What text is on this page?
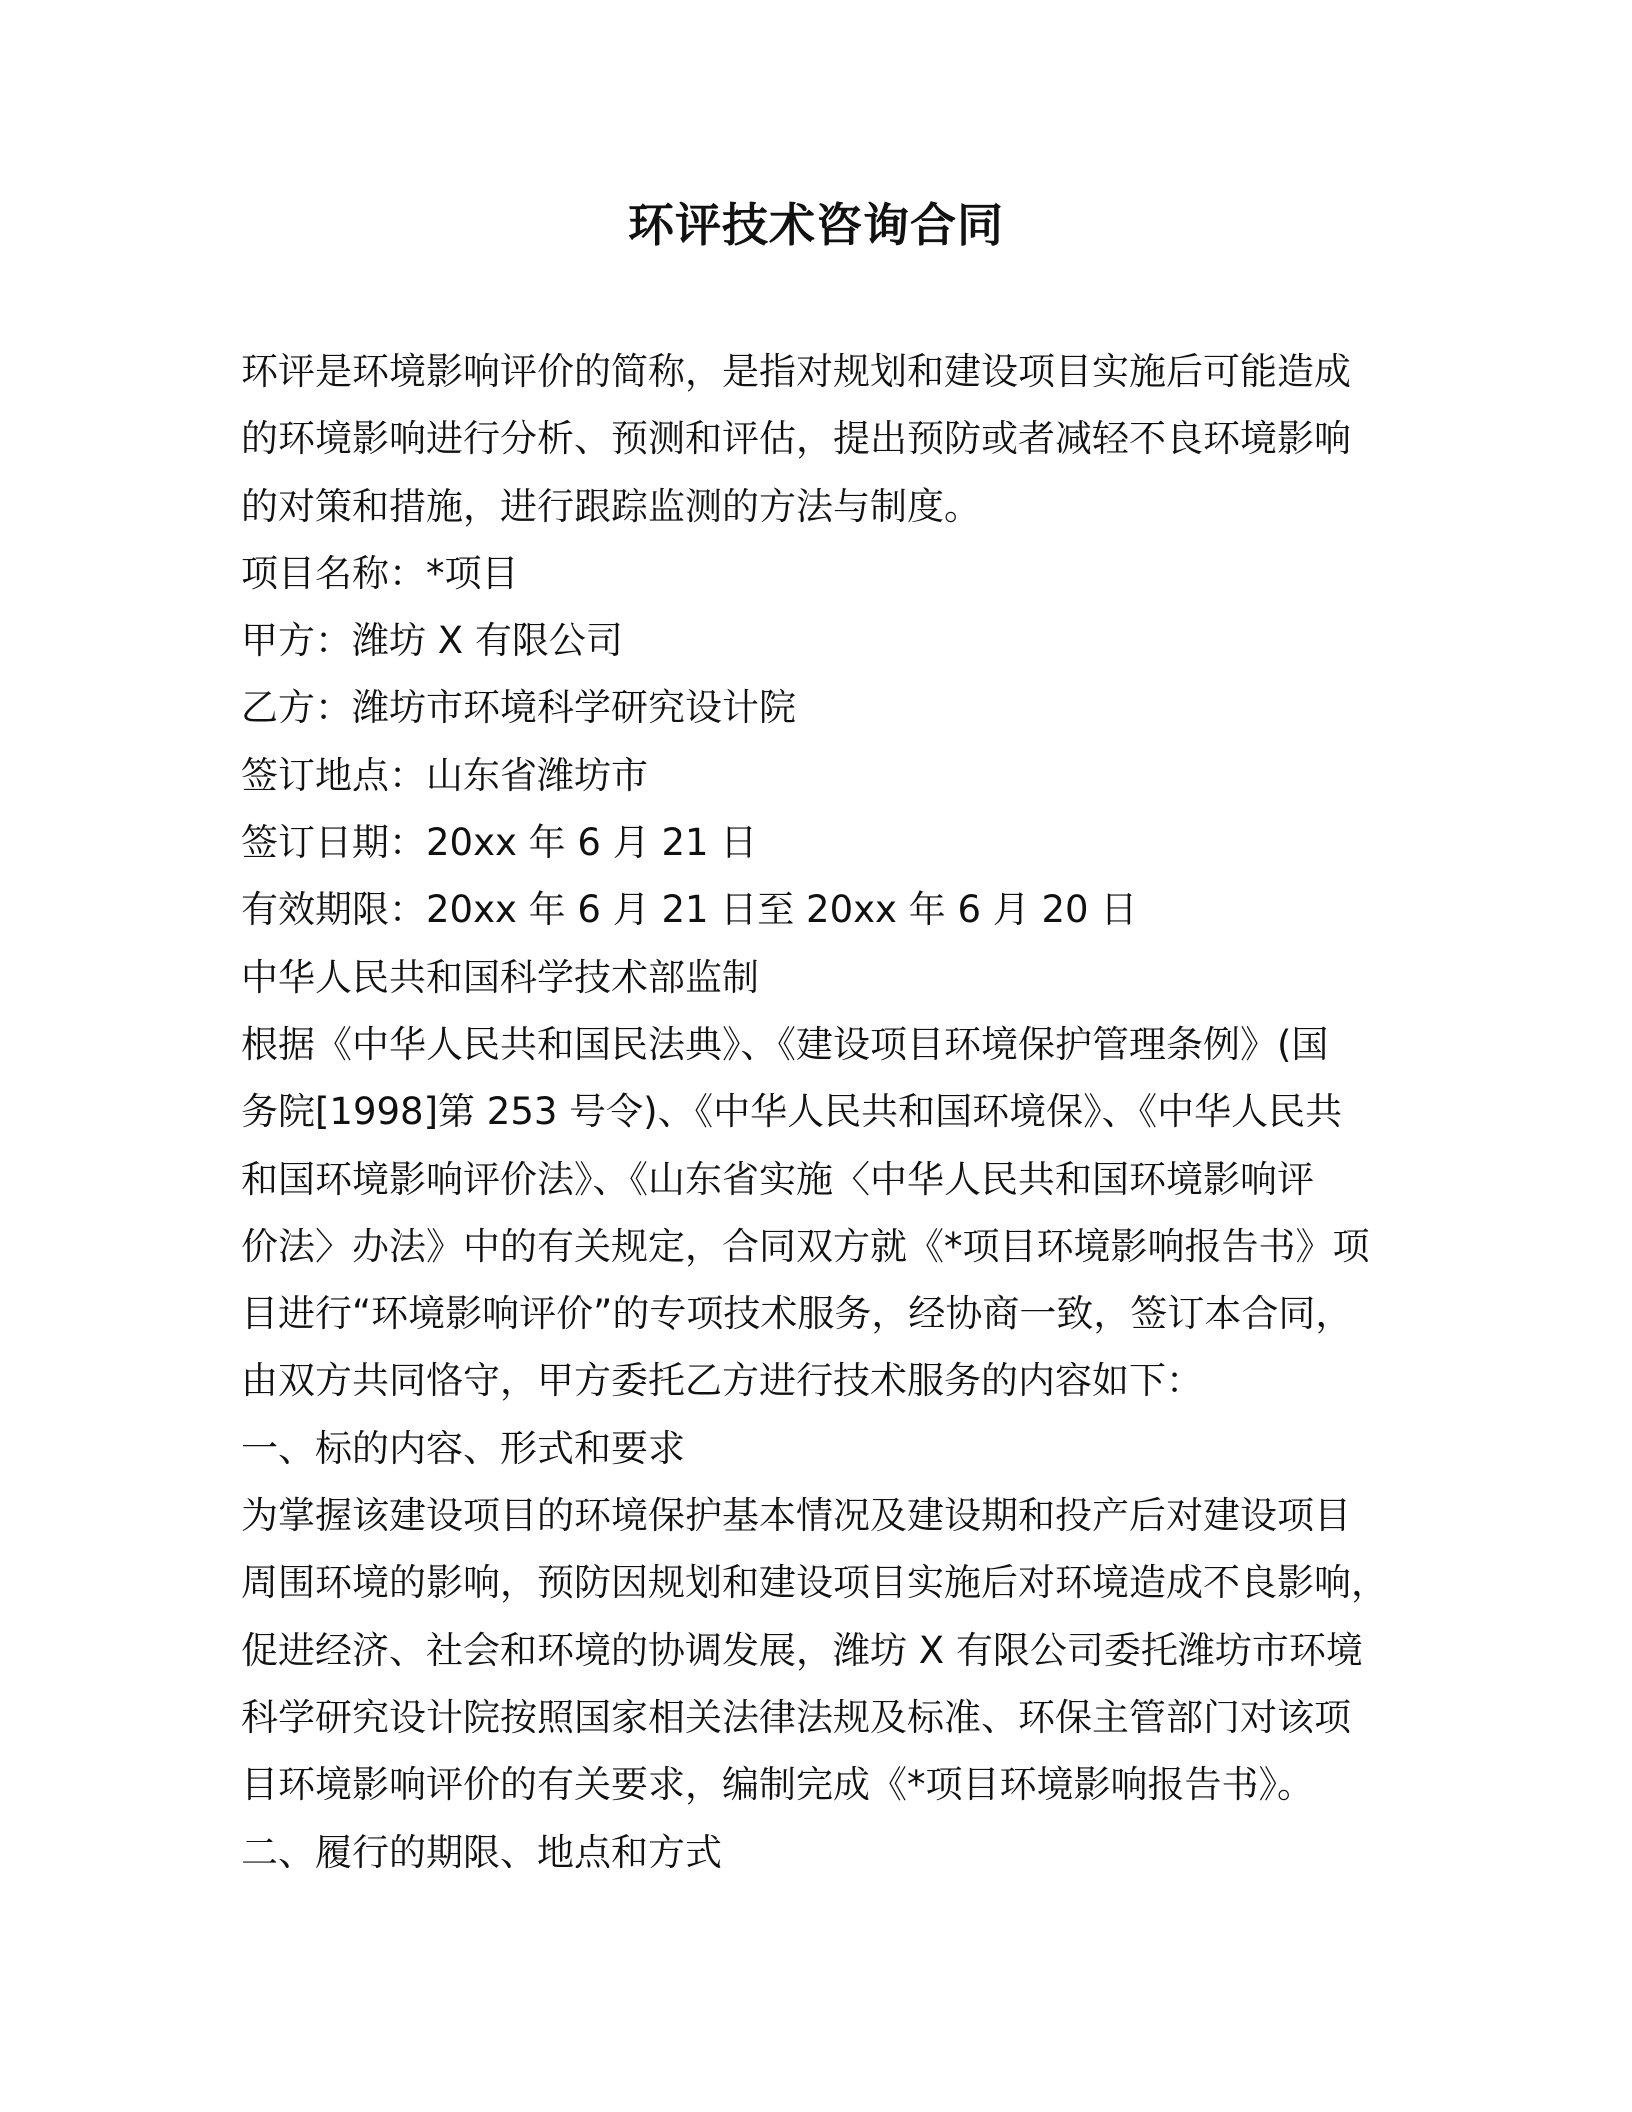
环评技术咨询合同

环评是环境影响评价的简称，是指对规划和建设项目实施后可能造成

的环境影响进行分析、预测和评估，提出预防或者减轻不良环境影响

的对策和措施，进行跟踪监测的方法与制度。

项目名称：*项目

甲方：潍坊 X 有限公司

乙方：潍坊市环境科学研究设计院

签订地点：山东省潍坊市

签订日期：20xx 年 6 月 21 日

有效期限：20xx 年 6 月 21 日至 20xx 年 6 月 20 日

中华人民共和国科学技术部监制

根据《中华人民共和国民法典》、《建设项目环境保护管理条例》(国

务院[1998]第 253 号令)、《中华人民共和国环境保》、《中华人民共

和国环境影响评价法》、《山东省实施〈中华人民共和国环境影响评

价法〉办法》中的有关规定，合同双方就《*项目环境影响报告书》项

目进行“环境影响评价”的专项技术服务，经协商一致，签订本合同，

由双方共同恪守，甲方委托乙方进行技术服务的内容如下：

一、标的内容、形式和要求

为掌握该建设项目的环境保护基本情况及建设期和投产后对建设项目

周围环境的影响，预防因规划和建设项目实施后对环境造成不良影响，

促进经济、社会和环境的协调发展，潍坊 X 有限公司委托潍坊市环境

科学研究设计院按照国家相关法律法规及标准、环保主管部门对该项

目环境影响评价的有关要求，编制完成《*项目环境影响报告书》。

二、履行的期限、地点和方式
